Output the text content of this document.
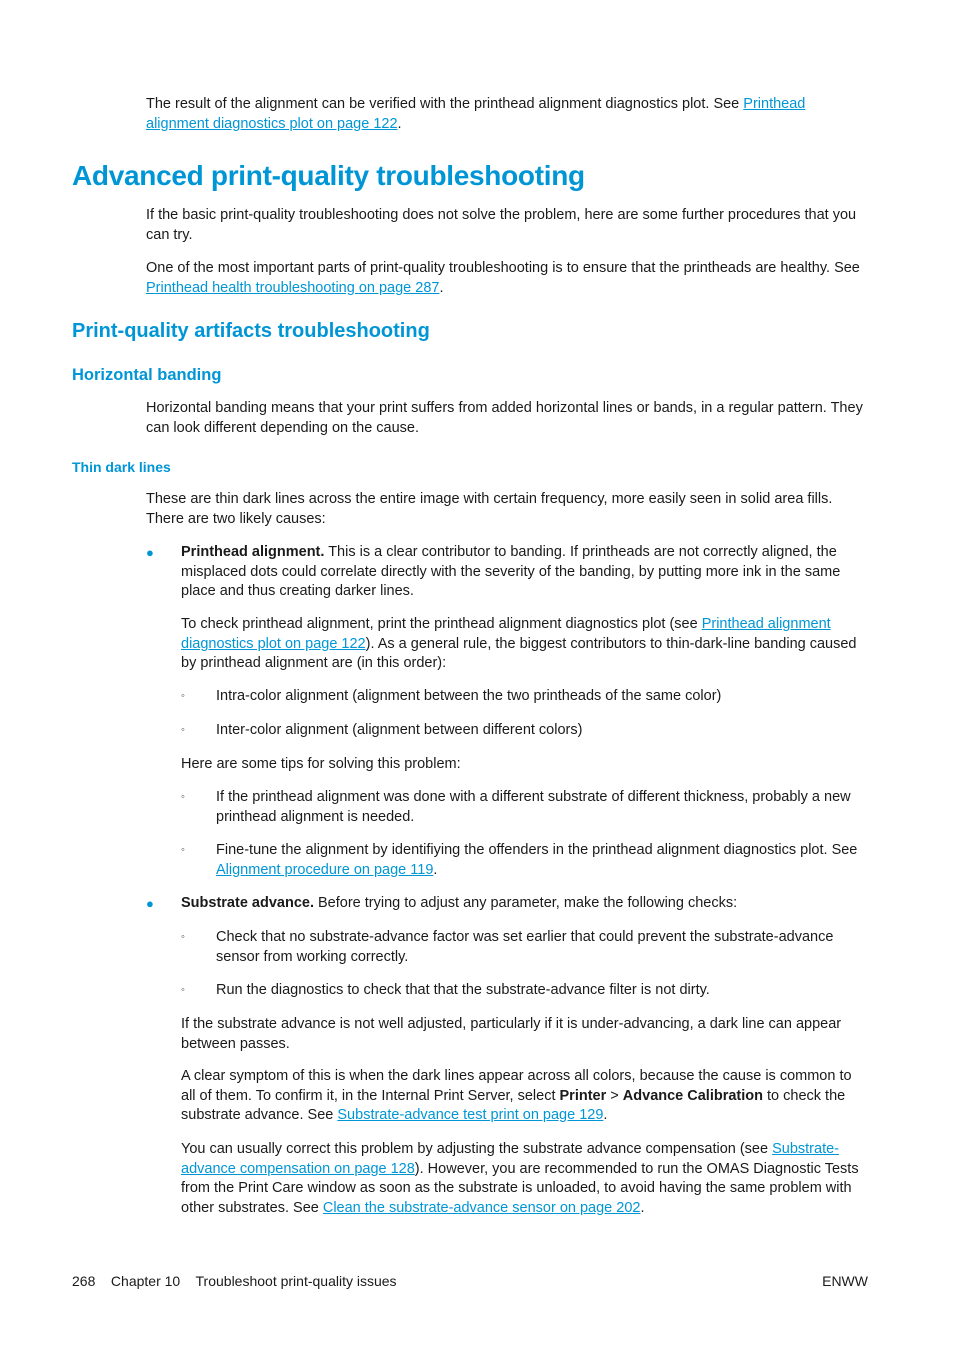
The result of the alignment can be verified with the printhead alignment diagnostics plot. See Printhead alignment diagnostics plot on page 122.

Advanced print-quality troubleshooting

If the basic print-quality troubleshooting does not solve the problem, here are some further procedures that you can try.

One of the most important parts of print-quality troubleshooting is to ensure that the printheads are healthy. See Printhead health troubleshooting on page 287.

Print-quality artifacts troubleshooting
Horizontal banding

Horizontal banding means that your print suffers from added horizontal lines or bands, in a regular pattern. They can look different depending on the cause.

Thin dark lines

These are thin dark lines across the entire image with certain frequency, more easily seen in solid area fills. There are two likely causes:

● Printhead alignment. This is a clear contributor to banding. If printheads are not correctly aligned, the misplaced dots could correlate directly with the severity of the banding, by putting more ink in the same place and thus creating darker lines.

To check printhead alignment, print the printhead alignment diagnostics plot (see Printhead alignment diagnostics plot on page 122). As a general rule, the biggest contributors to thin-dark-line banding caused by printhead alignment are (in this order):

◦ Intra-color alignment (alignment between the two printheads of the same color)

◦ Inter-color alignment (alignment between different colors)

Here are some tips for solving this problem:

◦ If the printhead alignment was done with a different substrate of different thickness, probably a new printhead alignment is needed.

◦ Fine-tune the alignment by identifiying the offenders in the printhead alignment diagnostics plot. See Alignment procedure on page 119.

● Substrate advance. Before trying to adjust any parameter, make the following checks:

◦ Check that no substrate-advance factor was set earlier that could prevent the substrate-advance sensor from working correctly.

◦ Run the diagnostics to check that that the substrate-advance filter is not dirty.

If the substrate advance is not well adjusted, particularly if it is under-advancing, a dark line can appear between passes.

A clear symptom of this is when the dark lines appear across all colors, because the cause is common to all of them. To confirm it, in the Internal Print Server, select Printer > Advance Calibration to check the substrate advance. See Substrate-advance test print on page 129.

You can usually correct this problem by adjusting the substrate advance compensation (see Substrate-advance compensation on page 128). However, you are recommended to run the OMAS Diagnostic Tests from the Print Care window as soon as the substrate is unloaded, to avoid having the same problem with other substrates. See Clean the substrate-advance sensor on page 202.

268 Chapter 10 Troubleshoot print-quality issues	ENWW
